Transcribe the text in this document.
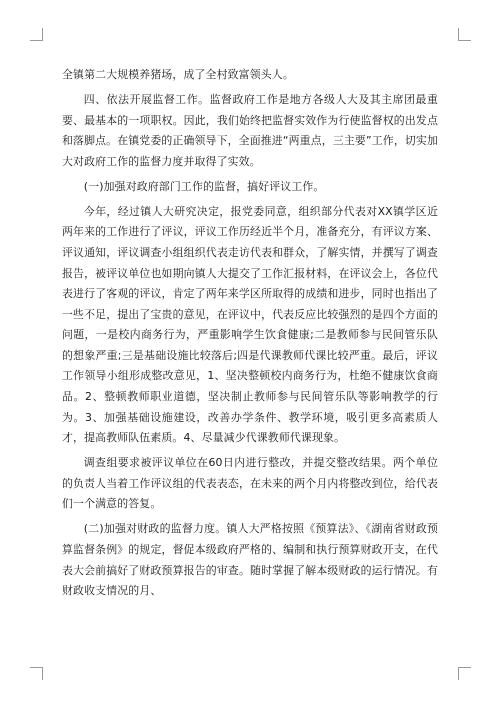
全镇第二大规模养猪场，成了全村致富领头人。

四、依法开展监督工作。监督政府工作是地方各级人大及其主席团最重要、最基本的一项职权。因此，我们始终把监督实效作为行使监督权的出发点和落脚点。在镇党委的正确领导下，全面推进“两重点，三主要”工作，切实加大对政府工作的监督力度并取得了实效。

(一)加强对政府部门工作的监督，搞好评议工作。

今年，经过镇人大研究决定，报党委同意，组织部分代表对XX镇学区近两年来的工作进行了评议，评议工作历经近半个月，准备充分，有评议方案、评议通知，评议调查小组组织代表走访代表和群众，了解实情，并撰写了调查报告，被评议单位也如期向镇人大提交了工作汇报材料，在评议会上，各位代表进行了客观的评议，肯定了两年来学区所取得的成绩和进步，同时也指出了一些不足，提出了宝贵的意见，在评议中，代表反应比较强烈的是四个方面的问题，一是校内商务行为，严重影响学生饮食健康;二是教师参与民间管乐队的想象严重;三是基础设施比较落后;四是代课教师代课比较严重。最后，评议工作领导小组形成整改意见，1、坚决整顿校内商务行为，杜绝不健康饮食商品。2、整顿教师职业道德，坚决制止教师参与民间管乐队等影响教学的行为。3、加强基础设施建设，改善办学条件、教学环境，吸引更多高素质人才，提高教师队伍素质。4、尽量减少代课教师代课现象。

调查组要求被评议单位在60日内进行整改，并提交整改结果。两个单位的负责人当着工作评议组的代表表态，在未来的两个月内将整改到位，给代表们一个满意的答复。

(二)加强对财政的监督力度。镇人大严格按照《预算法》、《湖南省财政预算监督条例》的规定，督促本级政府严格的、编制和执行预算财政开支，在代表大会前搞好了财政预算报告的审查。随时掌握了解本级财政的运行情况。有财政收支情况的月、
